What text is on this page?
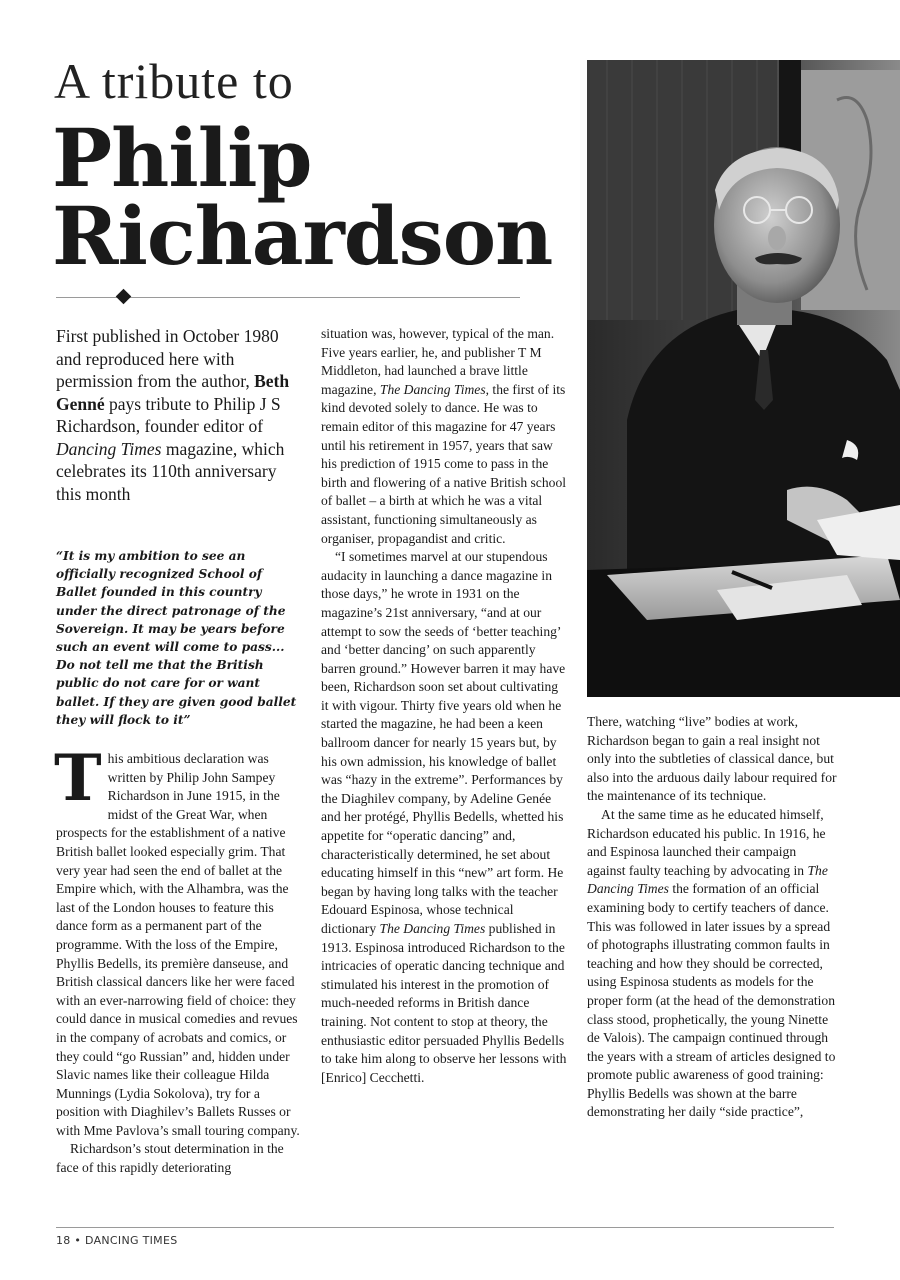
A tribute to
Philip
Richardson
First published in October 1980 and reproduced here with permission from the author, Beth Genné pays tribute to Philip J S Richardson, founder editor of Dancing Times magazine, which celebrates its 110th anniversary this month
“It is my ambition to see an officially recognized School of Ballet founded in this country under the direct patronage of the Sovereign. It may be years before such an event will come to pass... Do not tell me that the British public do not care for or want ballet. If they are given good ballet they will flock to it”

This ambitious declaration was written by Philip John Sampey Richardson in June 1915, in the midst of the Great War, when prospects for the establishment of a native British ballet looked especially grim. That very year had seen the end of ballet at the Empire which, with the Alhambra, was the last of the London houses to feature this dance form as a permanent part of the programme. With the loss of the Empire, Phyllis Bedells, its première danseuse, and British classical dancers like her were faced with an ever-narrowing field of choice: they could dance in musical comedies and revues in the company of acrobats and comics, or they could “go Russian” and, hidden under Slavic names like their colleague Hilda Munnings (Lydia Sokolova), try for a position with Diaghilev’s Ballets Russes or with Mme Pavlova’s small touring company.

Richardson’s stout determination in the face of this rapidly deteriorating

situation was, however, typical of the man. Five years earlier, he, and publisher T M Middleton, had launched a brave little magazine, The Dancing Times, the first of its kind devoted solely to dance. He was to remain editor of this magazine for 47 years until his retirement in 1957, years that saw his prediction of 1915 come to pass in the birth and flowering of a native British school of ballet – a birth at which he was a vital assistant, functioning simultaneously as organiser, propagandist and critic.

“I sometimes marvel at our stupendous audacity in launching a dance magazine in those days,” he wrote in 1931 on the magazine’s 21st anniversary, “and at our attempt to sow the seeds of ‘better teaching’ and ‘better dancing’ on such apparently barren ground.” However barren it may have been, Richardson soon set about cultivating it with vigour. Thirty five years old when he started the magazine, he had been a keen ballroom dancer for nearly 15 years but, by his own admission, his knowledge of ballet was “hazy in the extreme”. Performances by the Diaghilev company, by Adeline Genée and her protégé, Phyllis Bedells, whetted his appetite for “operatic dancing” and, characteristically determined, he set about educating himself in this “new” art form. He began by having long talks with the teacher Edouard Espinosa, whose technical dictionary The Dancing Times published in 1913. Espinosa introduced Richardson to the intricacies of operatic dancing technique and stimulated his interest in the promotion of much-needed reforms in British dance training. Not content to stop at theory, the enthusiastic editor persuaded Phyllis Bedells to take him along to observe her lessons with [Enrico] Cecchetti.

There, watching “live” bodies at work, Richardson began to gain a real insight not only into the subtleties of classical dance, but also into the arduous daily labour required for the maintenance of its technique.

At the same time as he educated himself, Richardson educated his public. In 1916, he and Espinosa launched their campaign against faulty teaching by advocating in The Dancing Times the formation of an official examining body to certify teachers of dance. This was followed in later issues by a spread of photographs illustrating common faults in teaching and how they should be corrected, using Espinosa students as models for the proper form (at the head of the demonstration class stood, prophetically, the young Ninette de Valois). The campaign continued through the years with a stream of articles designed to promote public awareness of good training: Phyllis Bedells was shown at the barre demonstrating her daily “side practice”,

18 • DANCING TIMES
